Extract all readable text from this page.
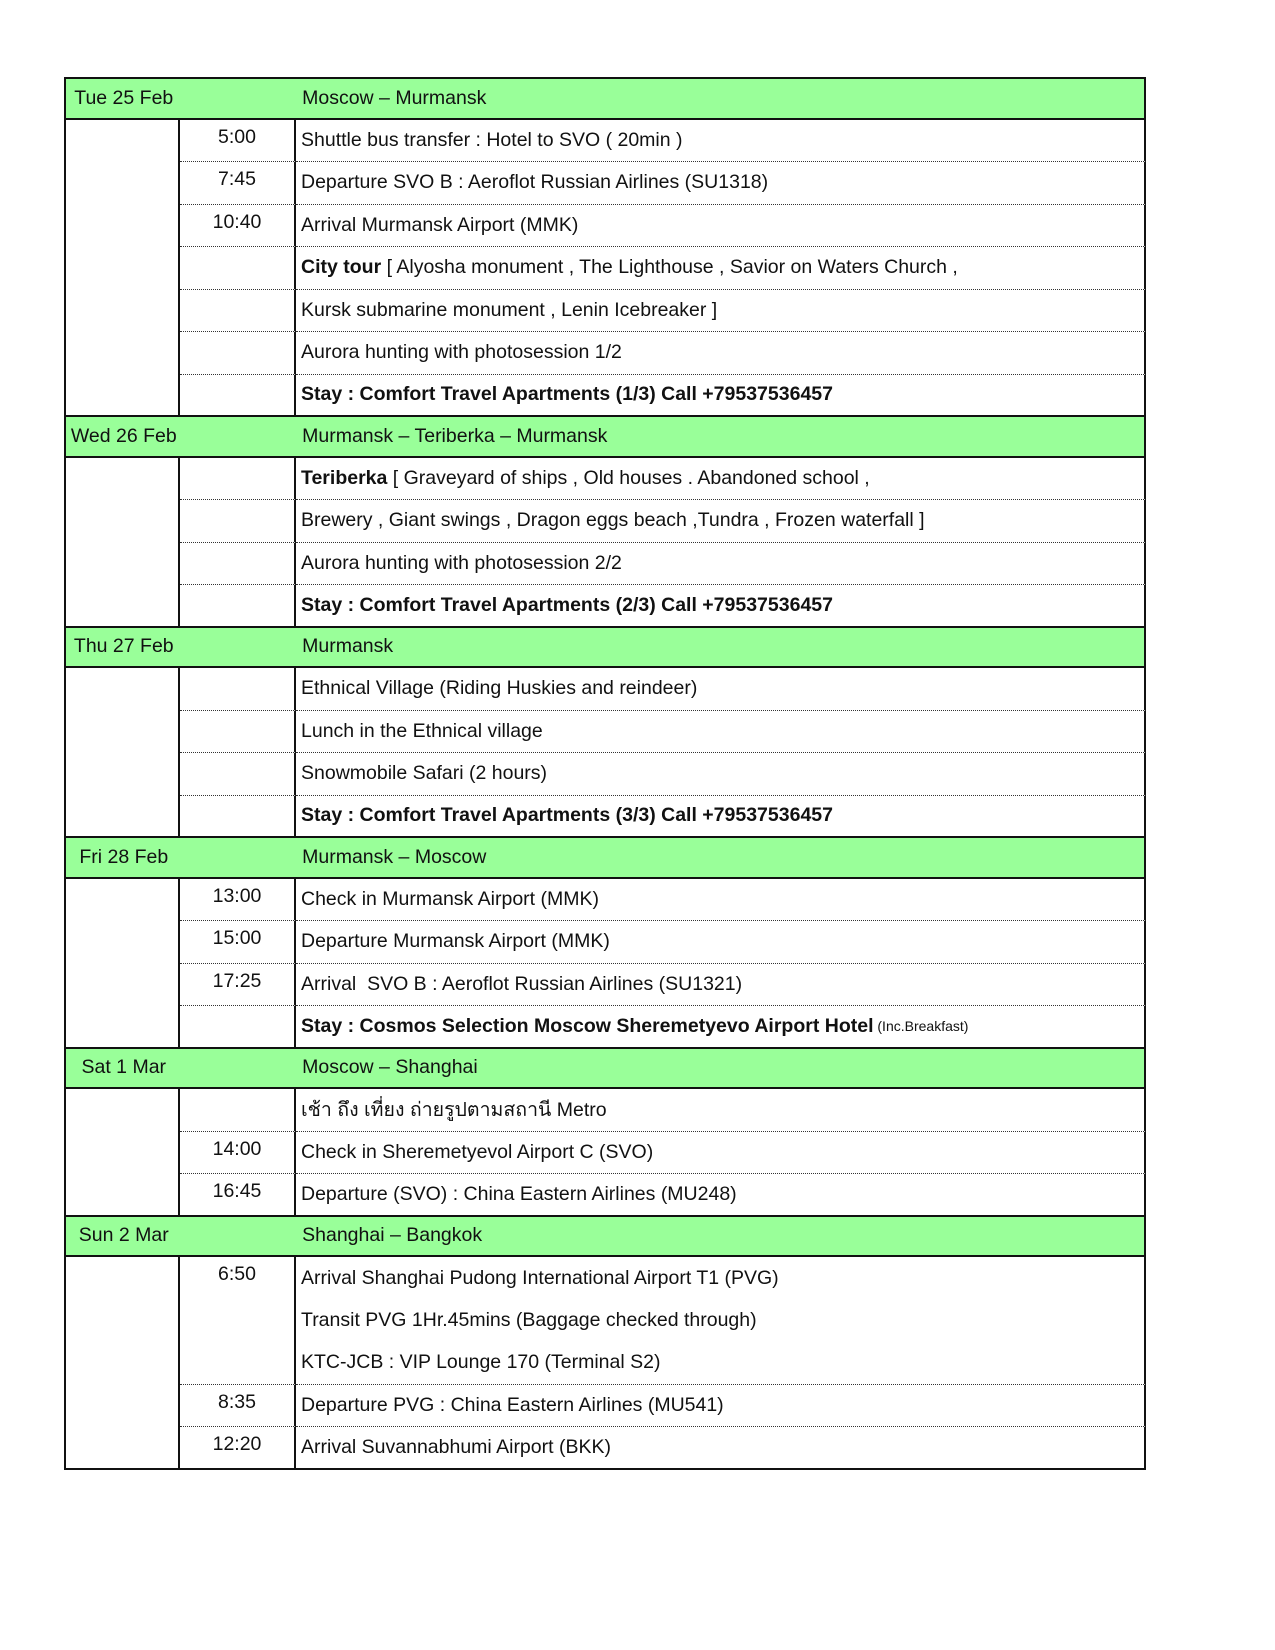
Tue 25 Feb	Moscow – Murmansk
5:00 Shuttle bus transfer : Hotel to SVO ( 20min )
7:45 Departure SVO B : Aeroflot Russian Airlines (SU1318)
10:40 Arrival Murmansk Airport (MMK)
City tour [ Alyosha monument , The Lighthouse , Savior on Waters Church ,
Kursk submarine monument , Lenin Icebreaker ]
Aurora hunting with photosession 1/2
Stay : Comfort Travel Apartments (1/3) Call +79537536457
Wed 26 Feb	Murmansk – Teriberka – Murmansk
Teriberka [ Graveyard of ships , Old houses . Abandoned school ,
Brewery , Giant swings , Dragon eggs beach ,Tundra , Frozen waterfall ]
Aurora hunting with photosession 2/2
Stay : Comfort Travel Apartments (2/3) Call +79537536457
Thu 27 Feb	Murmansk
Ethnical Village (Riding Huskies and reindeer)
Lunch in the Ethnical village
Snowmobile Safari (2 hours)
Stay : Comfort Travel Apartments (3/3) Call +79537536457
Fri 28 Feb	Murmansk – Moscow
13:00 Check in Murmansk Airport (MMK)
15:00 Departure Murmansk Airport (MMK)
17:25 Arrival  SVO B : Aeroflot Russian Airlines (SU1321)
Stay : Cosmos Selection Moscow Sheremetyevo Airport Hotel (Inc.Breakfast)
Sat 1 Mar	Moscow – Shanghai
เช้า ถึง เที่ยง ถ่ายรูปตามสถานี Metro
14:00 Check in Sheremetyevol Airport C (SVO)
16:45 Departure (SVO) : China Eastern Airlines (MU248)
Sun 2 Mar	Shanghai – Bangkok
6:50 Arrival Shanghai Pudong International Airport T1 (PVG)
Transit PVG 1Hr.45mins (Baggage checked through)
KTC-JCB : VIP Lounge 170 (Terminal S2)
8:35 Departure PVG : China Eastern Airlines (MU541)
12:20 Arrival Suvannabhumi Airport (BKK)
